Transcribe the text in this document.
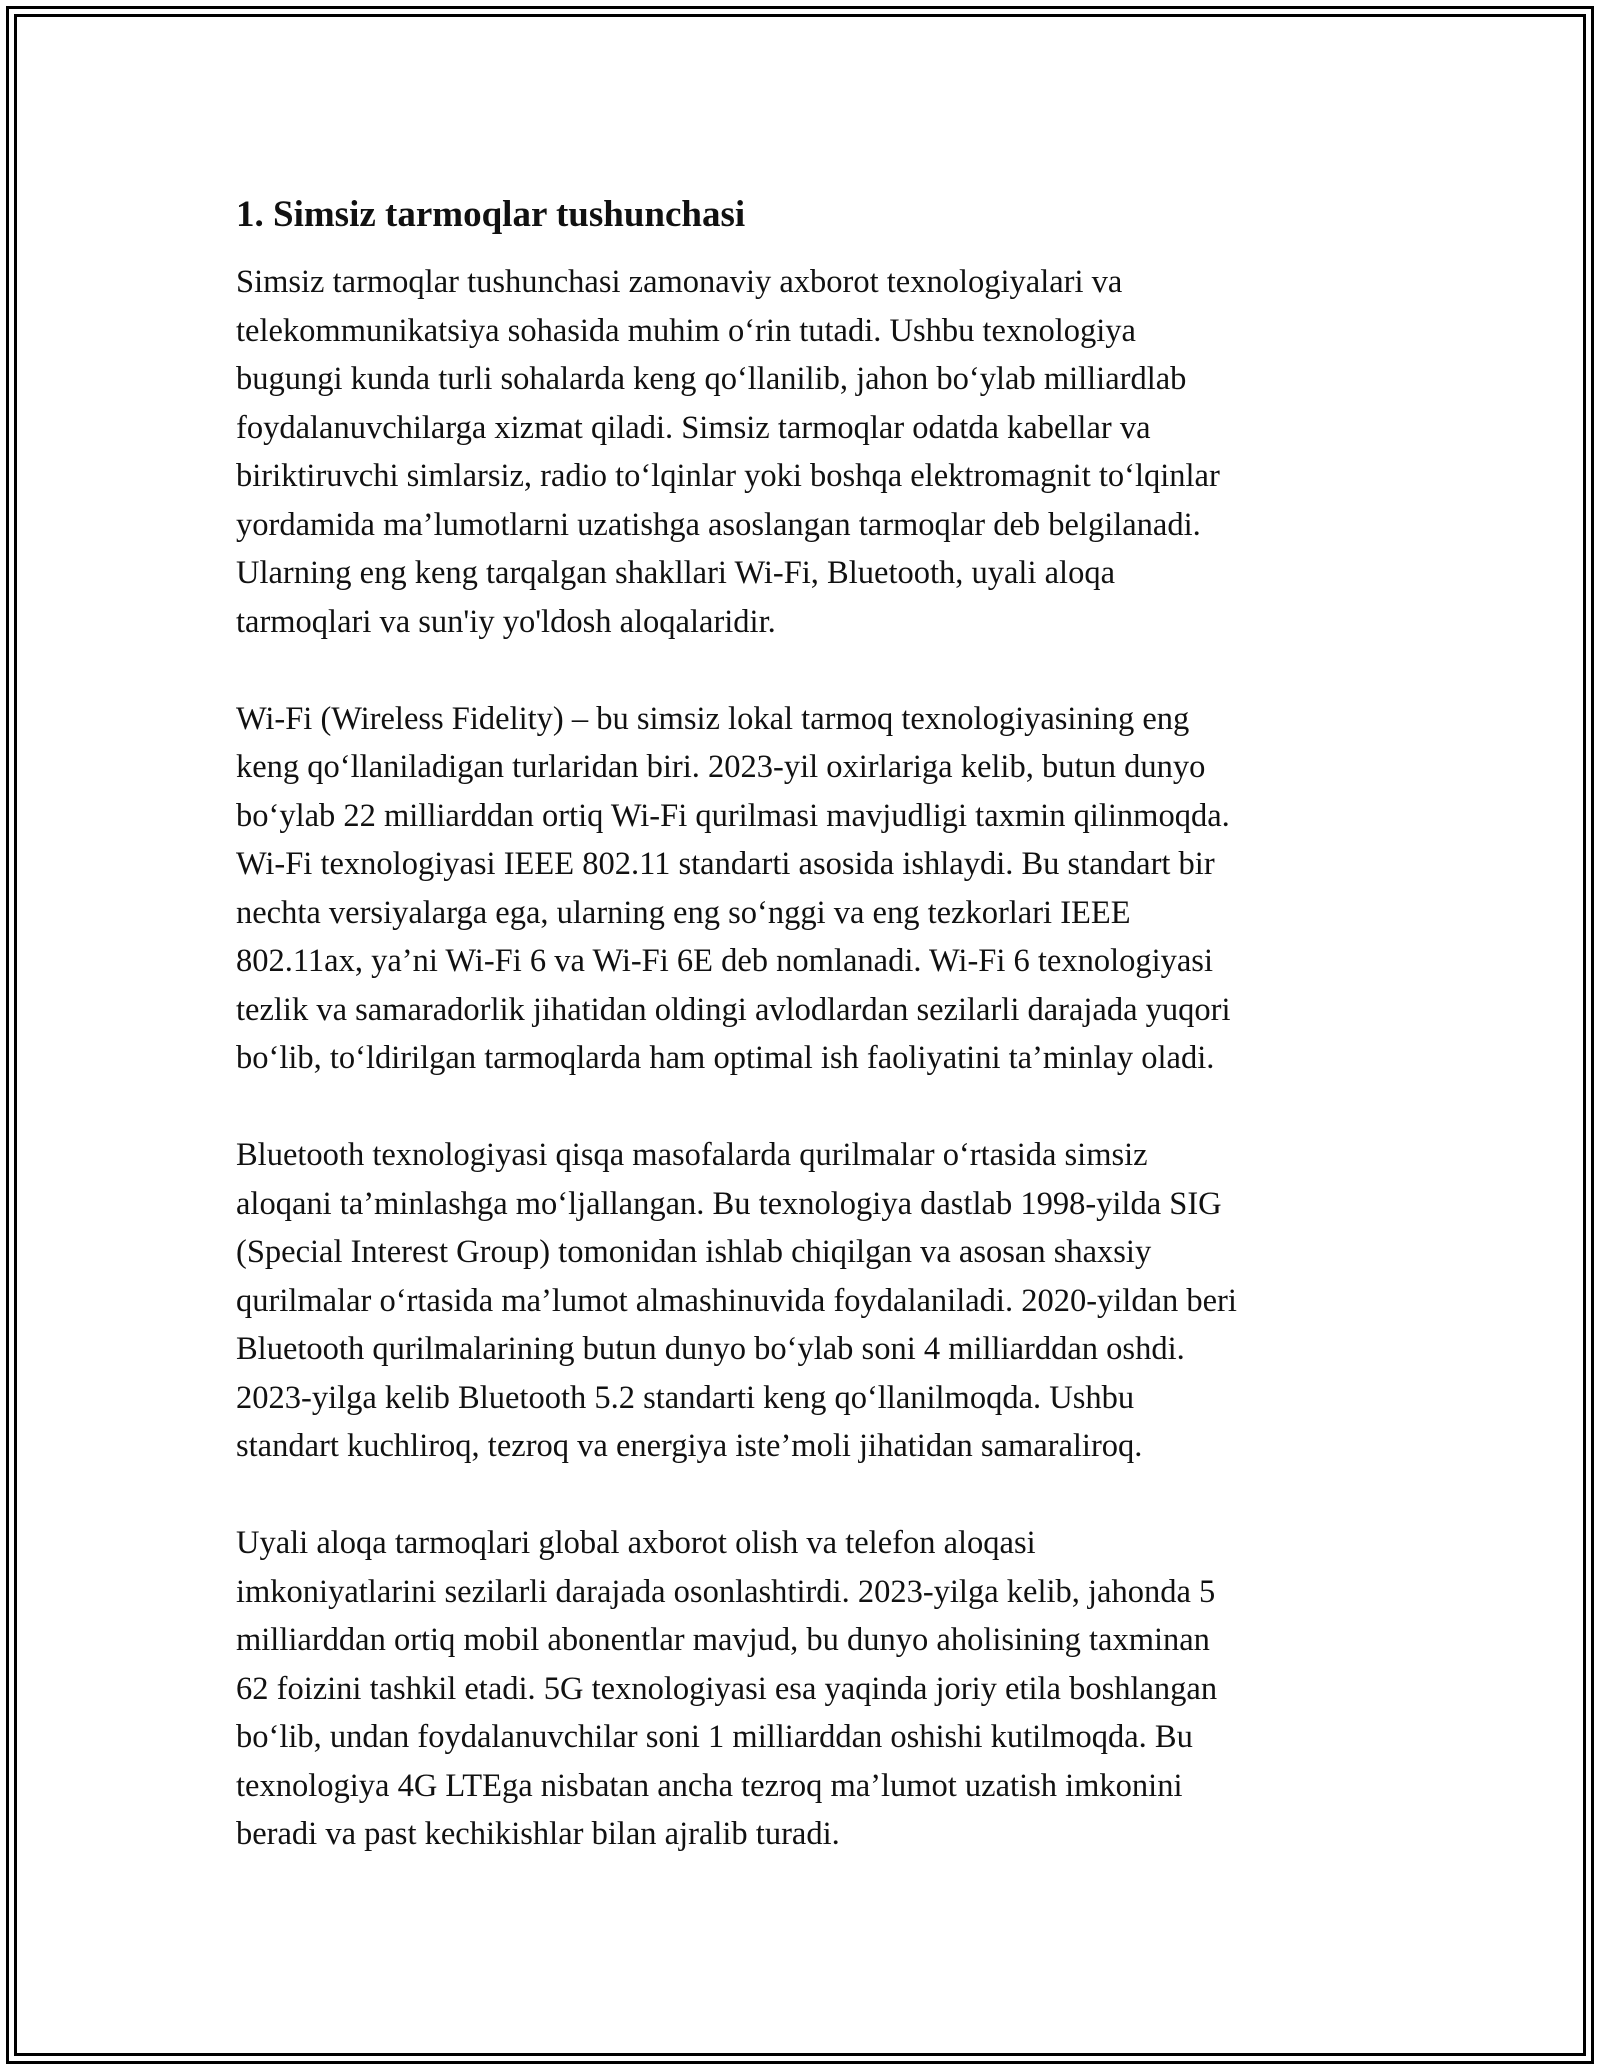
1. Simsiz tarmoqlar tushunchasi

Simsiz tarmoqlar tushunchasi zamonaviy axborot texnologiyalari va
telekommunikatsiya sohasida muhim o‘rin tutadi. Ushbu texnologiya
bugungi kunda turli sohalarda keng qo‘llanilib, jahon bo‘ylab milliardlab
foydalanuvchilarga xizmat qiladi. Simsiz tarmoqlar odatda kabellar va
biriktiruvchi simlarsiz, radio to‘lqinlar yoki boshqa elektromagnit to‘lqinlar
yordamida ma’lumotlarni uzatishga asoslangan tarmoqlar deb belgilanadi.
Ularning eng keng tarqalgan shakllari Wi-Fi, Bluetooth, uyali aloqa
tarmoqlari va sun'iy yo'ldosh aloqalaridir.

Wi-Fi (Wireless Fidelity) – bu simsiz lokal tarmoq texnologiyasining eng
keng qo‘llaniladigan turlaridan biri. 2023-yil oxirlariga kelib, butun dunyo
bo‘ylab 22 milliarddan ortiq Wi-Fi qurilmasi mavjudligi taxmin qilinmoqda.
Wi-Fi texnologiyasi IEEE 802.11 standarti asosida ishlaydi. Bu standart bir
nechta versiyalarga ega, ularning eng so‘nggi va eng tezkorlari IEEE
802.11ax, ya’ni Wi-Fi 6 va Wi-Fi 6E deb nomlanadi. Wi-Fi 6 texnologiyasi
tezlik va samaradorlik jihatidan oldingi avlodlardan sezilarli darajada yuqori
bo‘lib, to‘ldirilgan tarmoqlarda ham optimal ish faoliyatini ta’minlay oladi.

Bluetooth texnologiyasi qisqa masofalarda qurilmalar o‘rtasida simsiz
aloqani ta’minlashga mo‘ljallangan. Bu texnologiya dastlab 1998-yilda SIG
(Special Interest Group) tomonidan ishlab chiqilgan va asosan shaxsiy
qurilmalar o‘rtasida ma’lumot almashinuvida foydalaniladi. 2020-yildan beri
Bluetooth qurilmalarining butun dunyo bo‘ylab soni 4 milliarddan oshdi.
2023-yilga kelib Bluetooth 5.2 standarti keng qo‘llanilmoqda. Ushbu
standart kuchliroq, tezroq va energiya iste’moli jihatidan samaraliroq.

Uyali aloqa tarmoqlari global axborot olish va telefon aloqasi
imkoniyatlarini sezilarli darajada osonlashtirdi. 2023-yilga kelib, jahonda 5
milliarddan ortiq mobil abonentlar mavjud, bu dunyo aholisining taxminan
62 foizini tashkil etadi. 5G texnologiyasi esa yaqinda joriy etila boshlangan
bo‘lib, undan foydalanuvchilar soni 1 milliarddan oshishi kutilmoqda. Bu
texnologiya 4G LTEga nisbatan ancha tezroq ma’lumot uzatish imkonini
beradi va past kechikishlar bilan ajralib turadi.
